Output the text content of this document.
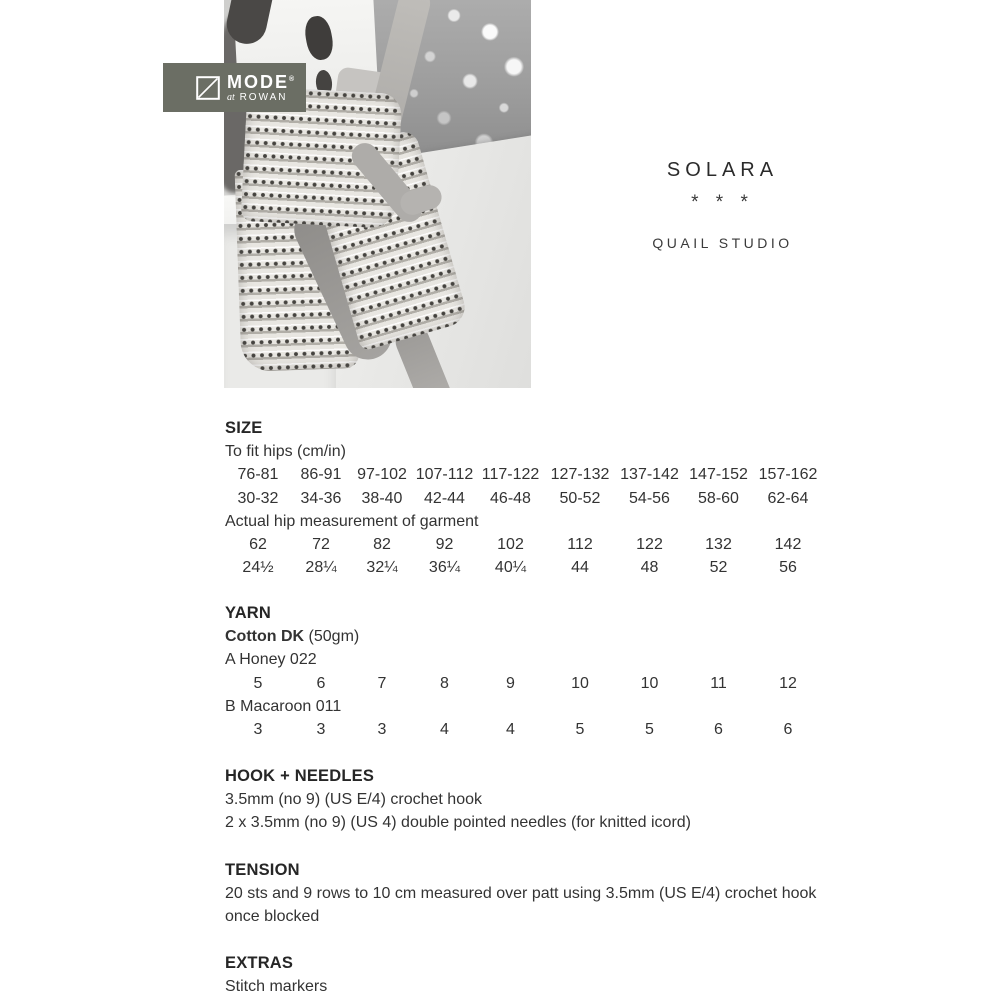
MODE®
at ROWAN
SOLARA
* * *
QUAIL STUDIO
SIZE

To fit hips (cm/in)

76-81	86-91 97-102 107-112 117-122 127-132 137-142 147-152 157-162
30-32	34-36	38-40	42-44	46-48	50-52	54-56	58-60	62-64

Actual hip measurement of garment

62	72	82	92	102	112	122	132	142
24½	28¼	32¼	36¼	40¼	44	48	52	56
YARN

Cotton DK (50gm)

A Honey 022

5	6	7	8	9	10	10	11	12

B Macaroon 011

3	3	3	4	4	5	5	6	6
HOOK + NEEDLES

3.5mm (no 9) (US E/4) crochet hook

2 x 3.5mm (no 9) (US 4) double pointed needles (for knitted icord)

TENSION

20 sts and 9 rows to 10 cm measured over patt using 3.5mm (US E/4) crochet hook

once blocked

EXTRAS

Stitch markers
